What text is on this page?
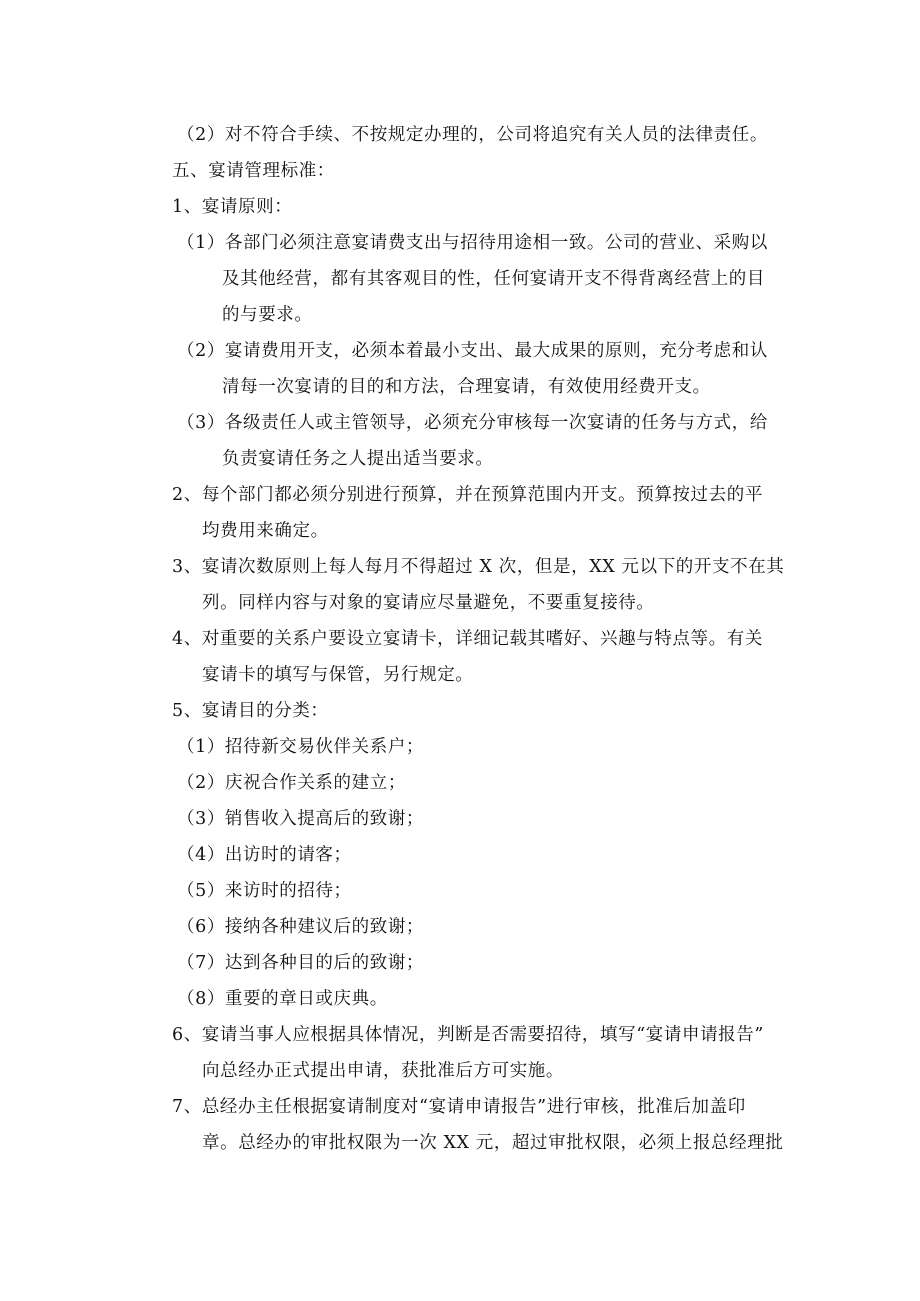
（2）对不符合手续、不按规定办理的，公司将追究有关人员的法律责任。
五、宴请管理标准：
1、宴请原则：
（1）各部门必须注意宴请费支出与招待用途相一致。公司的营业、采购以
及其他经营，都有其客观目的性，任何宴请开支不得背离经营上的目
的与要求。
（2）宴请费用开支，必须本着最小支出、最大成果的原则，充分考虑和认
清每一次宴请的目的和方法，合理宴请，有效使用经费开支。
（3）各级责任人或主管领导，必须充分审核每一次宴请的任务与方式，给
负责宴请任务之人提出适当要求。
2、每个部门都必须分别进行预算，并在预算范围内开支。预算按过去的平
均费用来确定。
3、宴请次数原则上每人每月不得超过 X 次，但是，XX 元以下的开支不在其
列。同样内容与对象的宴请应尽量避免，不要重复接待。
4、对重要的关系户要设立宴请卡，详细记载其嗜好、兴趣与特点等。有关
宴请卡的填写与保管，另行规定。
5、宴请目的分类：
（1）招待新交易伙伴关系户；
（2）庆祝合作关系的建立；
（3）销售收入提高后的致谢；
（4）出访时的请客；
（5）来访时的招待；
（6）接纳各种建议后的致谢；
（7）达到各种目的后的致谢；
（8）重要的章日或庆典。
6、宴请当事人应根据具体情况，判断是否需要招待，填写“宴请申请报告”
向总经办正式提出申请，获批准后方可实施。
7、总经办主任根据宴请制度对“宴请申请报告”进行审核，批准后加盖印
章。总经办的审批权限为一次 XX 元，超过审批权限，必须上报总经理批
